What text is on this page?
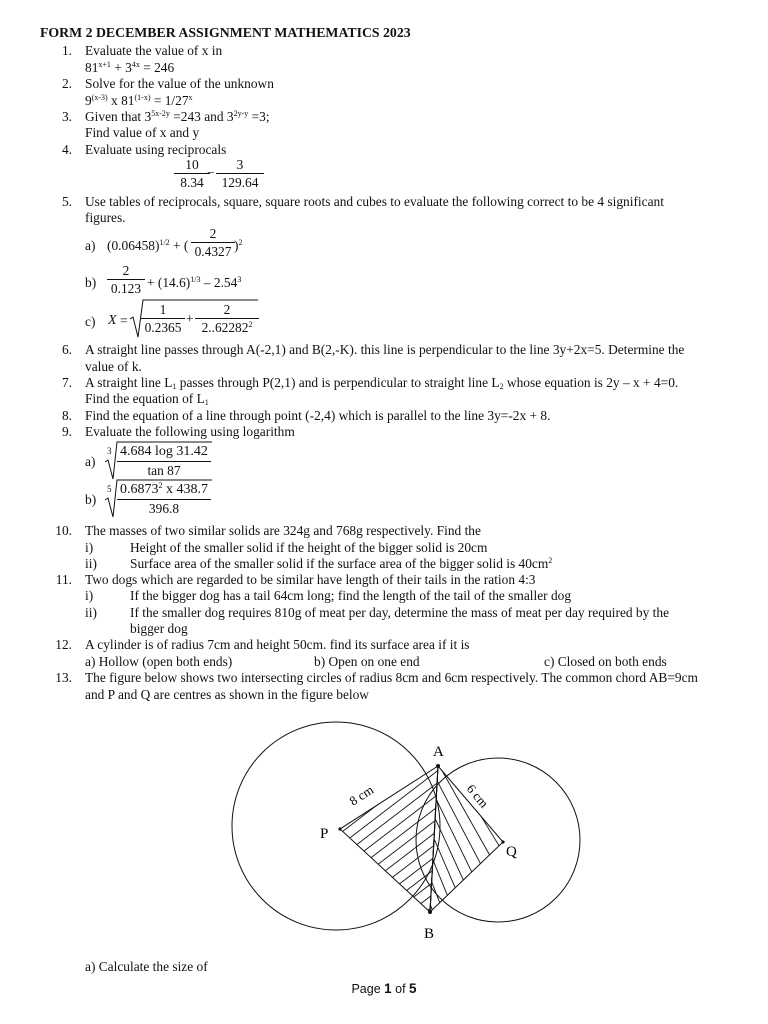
FORM 2 DECEMBER ASSIGNMENT MATHEMATICS 2023
1. Evaluate the value of x in
$81^{x+1} + 3^{4x} = 246$
2. Solve for the value of the unknown
9$^{(x-3)}$ x $81^{(1-x)} = 1/27^x$
3. Given that $3^{5x-2y} =243$ and $3^{2y-y} =3$;
Find value of x and y
4. Evaluate using reciprocals
$\frac{10}{8.34}$
− $\frac{3}{129.64}$
5. Use tables of reciprocals, square, square roots and cubes to evaluate the following correct to be 4 significant
figures.
a) $(0.06458)^{1/2}$ + ( $\frac{2}{0.4327} )^2$
$b) \frac{2}{0.123} + (14.6)^{1/3} - 2.54^3$
c) $X = \frac{1}{0.2365} + \frac{2}{2..62282^2}$
6. A straight line passes through A(-2,1) and B(2,-K). this line is perpendicular to the line 3y+2x=5. Determine the
value of k.
7. A straight line $L_1$ passes through P(2,1) and is perpendicular to straight line $L_2$ whose equation is 2y – x + 4=0.
Find the equation of $L_1$
8. Find the equation of a line through point (-2,4) which is parallel to the line 3y=-2x + 8.
9. Evaluate the following using logarithm
a)
$3 \frac{4.684 \log 31.42}{\tan 87}$
b)
$5 \frac{0.6873^2 x 438.7}{396.8}$
10. The masses of two similar solids are 324g and 768g respectively. Find the
i)	Height of the smaller solid if the height of the bigger solid is 20cm
ii) Surface area of the smaller solid if the surface area of the bigger solid is $40cm^2$
11. Two dogs which are regarded to be similar have length of their tails in the ration 4:3
i)	If the bigger dog has a tail 64cm long; find the length of the tail of the smaller dog
ii) If the smaller dog requires 810g of meat per day, determine the mass of meat per day required by the
bigger dog
12. A cylinder is of radius 7cm and height 50cm. find its surface area if it is
a) Hollow (open both ends)	b) Open on one end	c) Closed on both ends
13. The figure below shows two intersecting circles of radius 8cm and 6cm respectively. The common chord AB=9cm
and P and Q are centres as shown in the figure below
A
B
P
Q
8 cm	6 cm
a) Calculate the size of
Page 1 of 5
